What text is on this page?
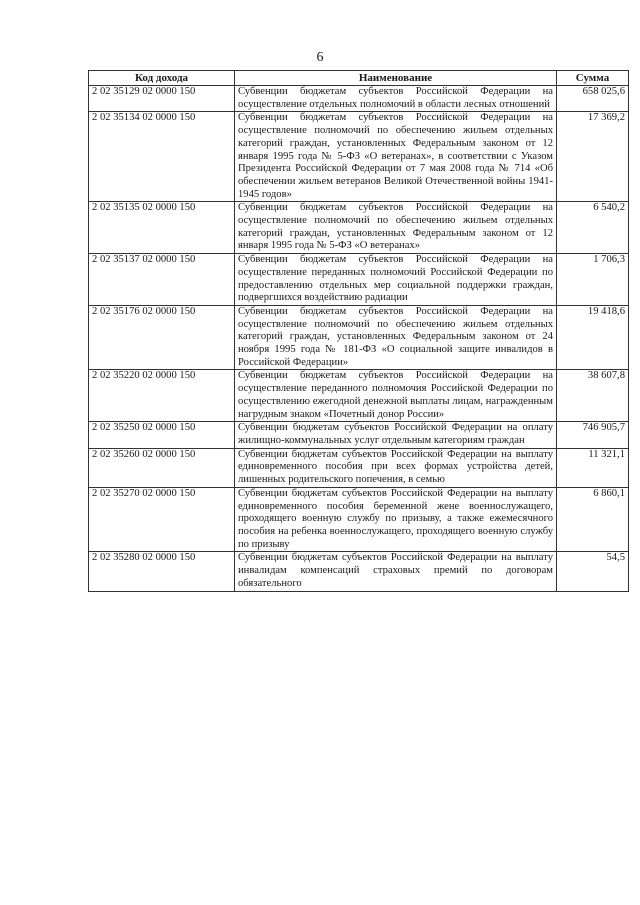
6
Код дохода	Наименование	Сумма
2 02 35129 02 0000 150	Субвенции бюджетам субъектов Российской Федерации на осуществление отдельных полномочий в области лесных отношений	658 025,6
2 02 35134 02 0000 150	Субвенции бюджетам субъектов Российской Федерации на осуществление полномочий по обеспечению жильем отдельных категорий граждан, установленных Федеральным законом от 12 января 1995 года № 5-ФЗ «О ветеранах», в соответствии с Указом Президента Российской Федерации от 7 мая 2008 года № 714 «Об обеспечении жильем ветеранов Великой Отечественной войны 1941-1945 годов»	17 369,2
2 02 35135 02 0000 150	Субвенции бюджетам субъектов Российской Федерации на осуществление полномочий по обеспечению жильем отдельных категорий граждан, установленных Федеральным законом от 12 января 1995 года № 5-ФЗ «О ветеранах»	6 540,2
2 02 35137 02 0000 150	Субвенции бюджетам субъектов Российской Федерации на осуществление переданных полномочий Российской Федерации по предоставлению отдельных мер социальной поддержки граждан, подвергшихся воздействию радиации	1 706,3
2 02 35176 02 0000 150	Субвенции бюджетам субъектов Российской Федерации на осуществление полномочий по обеспечению жильем отдельных категорий граждан, установленных Федеральным законом от 24 ноября 1995 года № 181-ФЗ «О социальной защите инвалидов в Российской Федерации»	19 418,6
2 02 35220 02 0000 150	Субвенции бюджетам субъектов Российской Федерации на осуществление переданного полномочия Российской Федерации по осуществлению ежегодной денежной выплаты лицам, награжденным нагрудным знаком «Почетный донор России»	38 607,8
2 02 35250 02 0000 150	Субвенции бюджетам субъектов Российской Федерации на оплату жилищно-коммунальных услуг отдельным категориям граждан	746 905,7
2 02 35260 02 0000 150	Субвенции бюджетам субъектов Российской Федерации на выплату единовременного пособия при всех формах устройства детей, лишенных родительского попечения, в семью	11 321,1
2 02 35270 02 0000 150	Субвенции бюджетам субъектов Российской Федерации на выплату единовременного пособия беременной жене военнослужащего, проходящего военную службу по призыву, а также ежемесячного пособия на ребенка военнослужащего, проходящего военную службу по призыву	6 860,1
2 02 35280 02 0000 150	Субвенции бюджетам субъектов Российской Федерации на выплату инвалидам компенсаций страховых премий по договорам обязательного	54,5
